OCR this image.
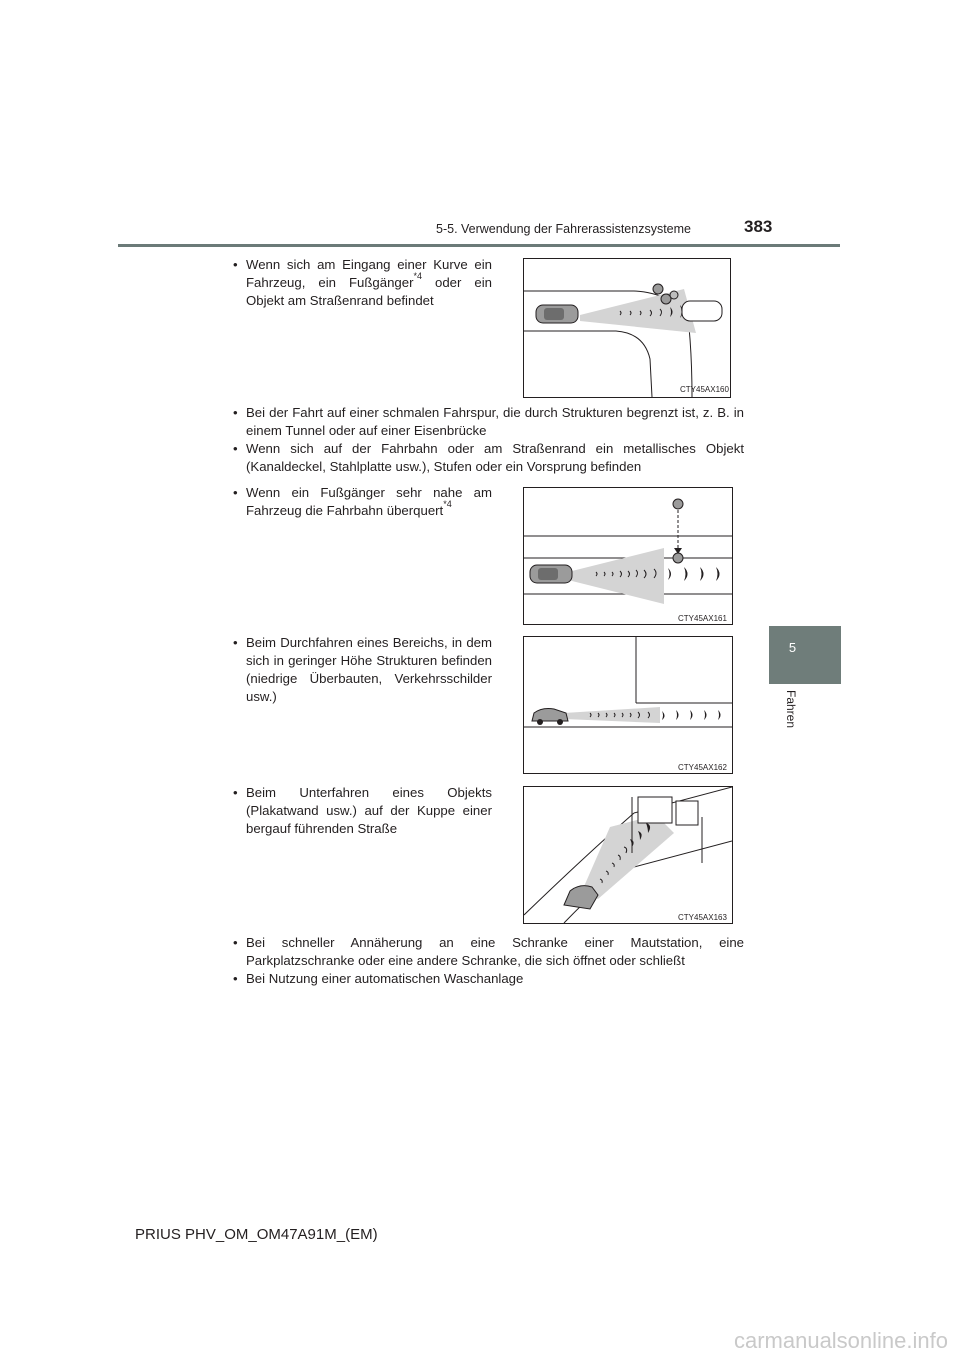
5-5. Verwendung der Fahrerassistenzsysteme	383
5
Fahren
• Wenn sich am Eingang einer Kurve ein Fahrzeug, ein Fußgänger$^{*4}$ oder ein Objekt am Straßenrand befindet
CTY45AX160
• Bei der Fahrt auf einer schmalen Fahrspur, die durch Strukturen begrenzt ist, z. B. in einem Tunnel oder auf einer Eisenbrücke
• Wenn sich auf der Fahrbahn oder am Straßenrand ein metallisches Objekt (Kanaldeckel, Stahlplatte usw.), Stufen oder ein Vorsprung befinden
• Wenn ein Fußgänger sehr nahe am Fahrzeug die Fahrbahn überquert$^{*4}$
CTY45AX161
• Beim Durchfahren eines Bereichs, in dem sich in geringer Höhe Strukturen befinden (niedrige Überbauten, Verkehrsschilder usw.)
CTY45AX162
• Beim Unterfahren eines Objekts (Plakatwand usw.) auf der Kuppe einer bergauf führenden Straße
CTY45AX163
• Bei schneller Annäherung an eine Schranke einer Mautstation, eine Parkplatzschranke oder eine andere Schranke, die sich öffnet oder schließt
• Bei Nutzung einer automatischen Waschanlage
PRIUS PHV_OM_OM47A91M_(EM)
carmanualsonline.info
